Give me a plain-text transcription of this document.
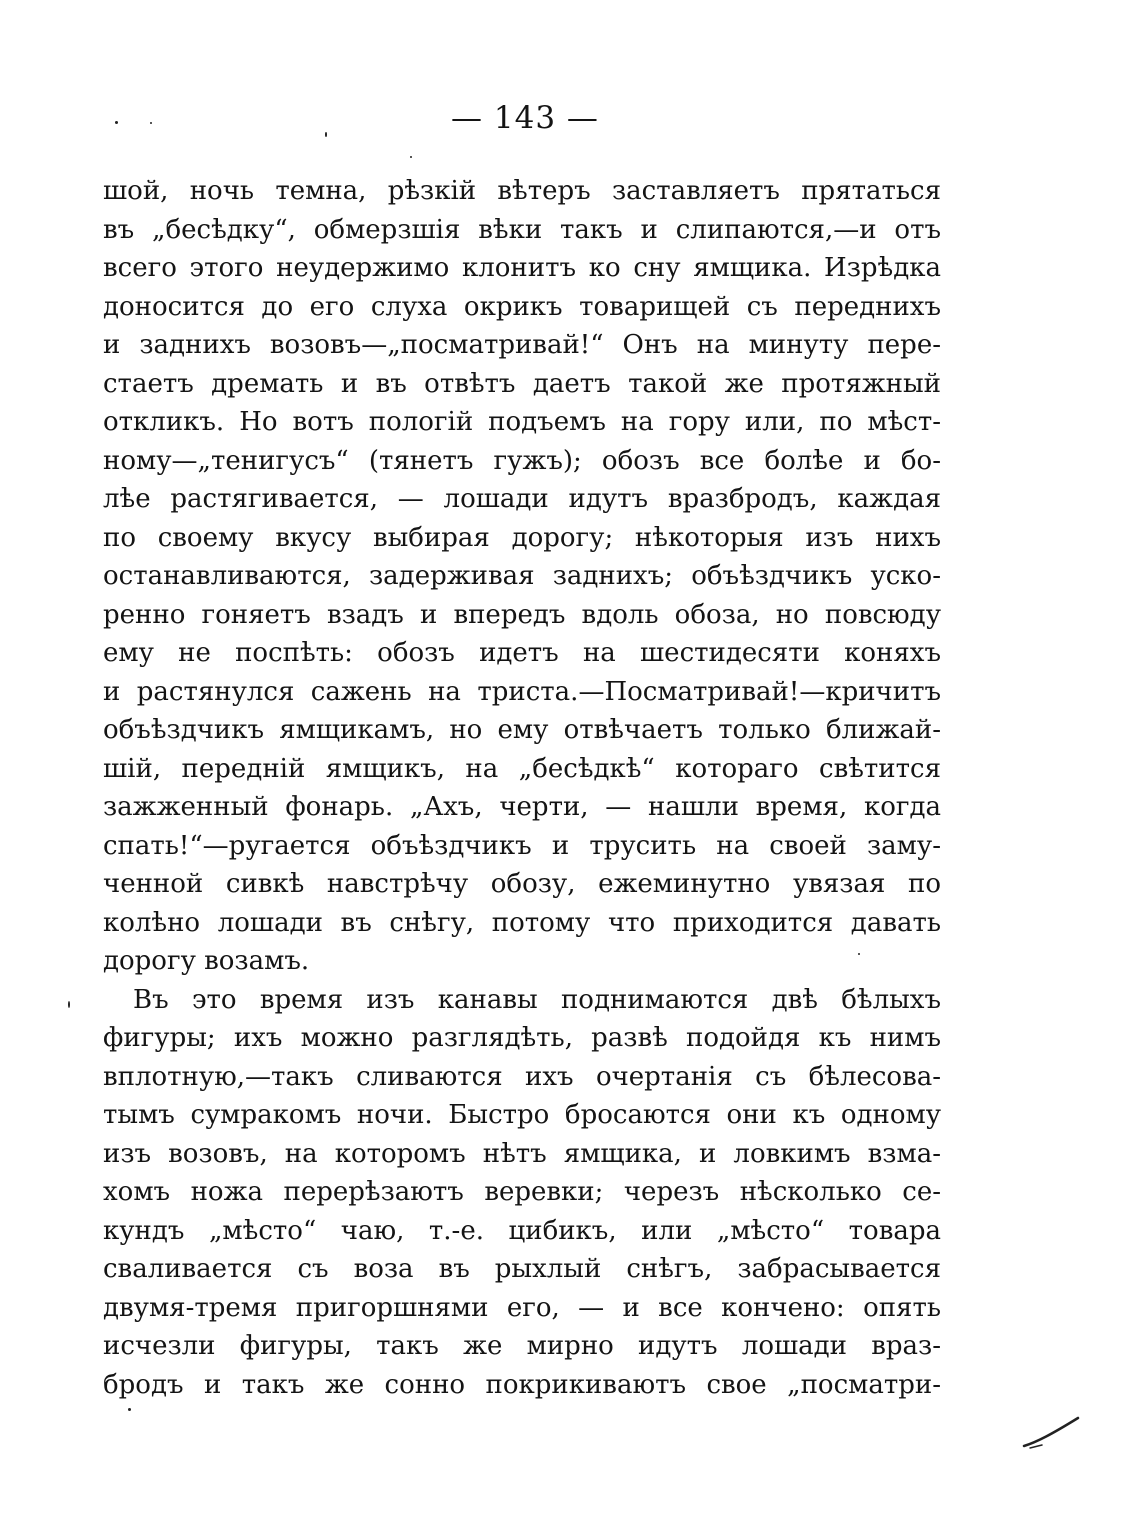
— 143 —
шой, ночь темна, рѣзкій вѣтеръ заставляетъ прятаться
въ „бесѣдку“, обмерзшія вѣки такъ и слипаются,—и отъ
всего этого неудержимо клонитъ ко сну ямщика. Изрѣдка
доносится до его слуха окрикъ товарищей съ переднихъ
и заднихъ возовъ—„посматривай!“ Онъ на минуту пере-
стаетъ дремать и въ отвѣтъ даетъ такой же протяжный
откликъ. Но вотъ пологій подъемъ на гору или, по мѣст-
ному—„тенигусъ“ (тянетъ гужъ); обозъ все болѣе и бо-
лѣе растягивается, — лошади идутъ вразбродъ, каждая
по своему вкусу выбирая дорогу; нѣкоторыя изъ нихъ
останавливаются, задерживая заднихъ; объѣздчикъ уско-
ренно гоняетъ взадъ и впередъ вдоль обоза, но повсюду
ему не поспѣть: обозъ идетъ на шестидесяти коняхъ
и растянулся сажень на триста.—Посматривай!—кричитъ
объѣздчикъ ямщикамъ, но ему отвѣчаетъ только ближай-
шій, передній ямщикъ, на „бесѣдкѣ“ котораго свѣтится
зажженный фонарь. „Ахъ, черти, — нашли время, когда
спать!“—ругается объѣздчикъ и трусить на своей заму-
ченной сивкѣ навстрѣчу обозу, ежеминутно увязая по
колѣно лошади въ снѣгу, потому что приходится давать
дорогу возамъ.
Въ это время изъ канавы поднимаются двѣ бѣлыхъ
фигуры; ихъ можно разглядѣть, развѣ подойдя къ нимъ
вплотную,—такъ сливаются ихъ очертанія съ бѣлесова-
тымъ сумракомъ ночи. Быстро бросаются они къ одному
изъ возовъ, на которомъ нѣтъ ямщика, и ловкимъ взма-
хомъ ножа перерѣзаютъ веревки; черезъ нѣсколько се-
кундъ „мѣсто“ чаю, т.-е. цибикъ, или „мѣсто“ товара
сваливается съ воза въ рыхлый снѣгъ, забрасывается
двумя-тремя пригоршнями его, — и все кончено: опять
исчезли фигуры, такъ же мирно идутъ лошади враз-
бродъ и такъ же сонно покрикиваютъ свое „посматри-
